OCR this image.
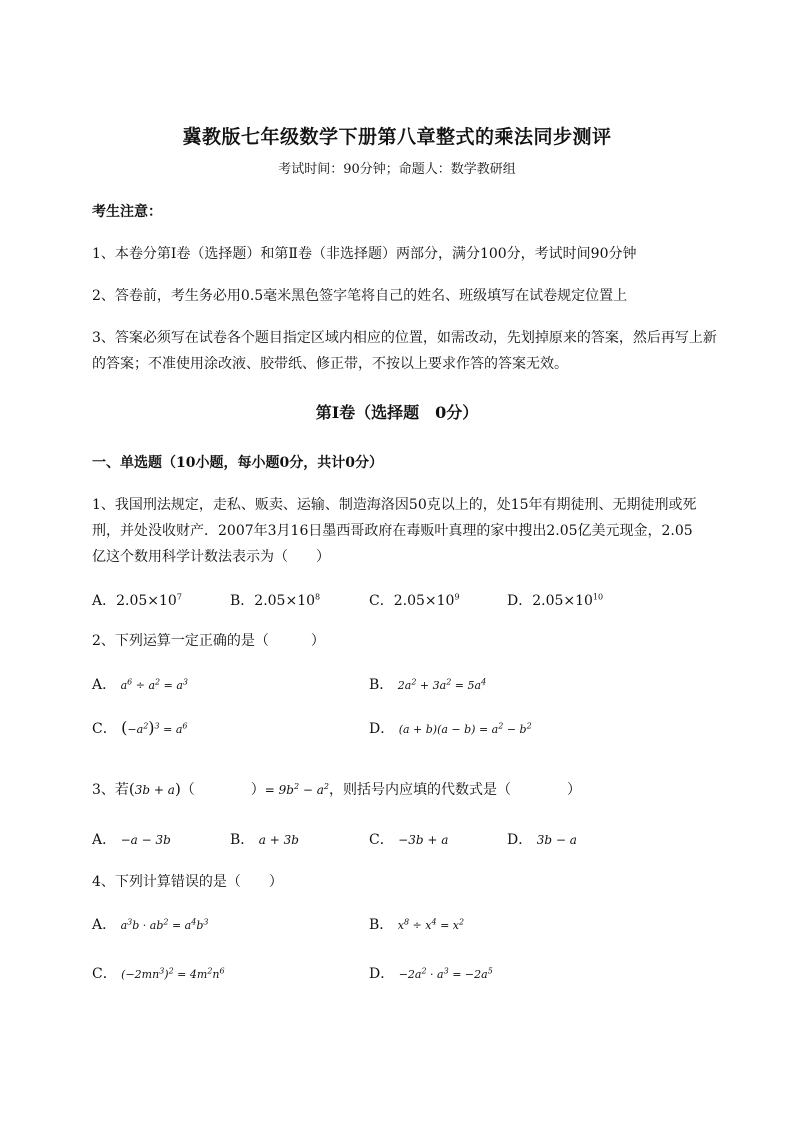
冀教版七年级数学下册第八章整式的乘法同步测评
考试时间：90分钟；命题人：数学教研组
考生注意：
1、本卷分第Ⅰ卷（选择题）和第Ⅱ卷（非选择题）两部分，满分100分，考试时间90分钟
2、答卷前，考生务必用0.5毫米黑色签字笔将自己的姓名、班级填写在试卷规定位置上
3、答案必须写在试卷各个题目指定区域内相应的位置，如需改动，先划掉原来的答案，然后再写上新
的答案；不准使用涂改液、胶带纸、修正带，不按以上要求作答的答案无效。
第Ⅰ卷（选择题　0分）
一、单选题（10小题，每小题0分，共计0分）
1、我国刑法规定，走私、贩卖、运输、制造海洛因50克以上的，处15年有期徒刑、无期徒刑或死
刑，并处没收财产．2007年3月16日墨西哥政府在毒贩叶真理的家中搜出2.05亿美元现金，2.05
亿这个数用科学计数法表示为（　　）
A．$2.05\times 10^7$	B．$2.05\times 10^8$	C．$2.05\times 10^9$	D．$2.05\times 10^{10}$
2、下列运算一定正确的是（　　　）
A． $a^6 \div a^2 = a^3$	B． $2a^2 + 3a^2 = 5a^4$
C． $(-a^2)^3 = a^6$	D． $(a + b)(a - b) = a^2 - b^2$
3、若(3b + a)（　　　　）= $9b^2 - a^2$，则括号内应填的代数式是（　　　　）
A． −a − 3b	B． a + 3b	C． −3b + a	D． 3b − a
4、下列计算错误的是（　　）
A． $a^3b \cdot ab^2 = a^4b^3$	B． $x^8 \div x^4 = x^2$
C． $(-2mn^3)^2 = 4m^2n^6$	D． $-2a^2 \cdot a^3 = -2a^5$
